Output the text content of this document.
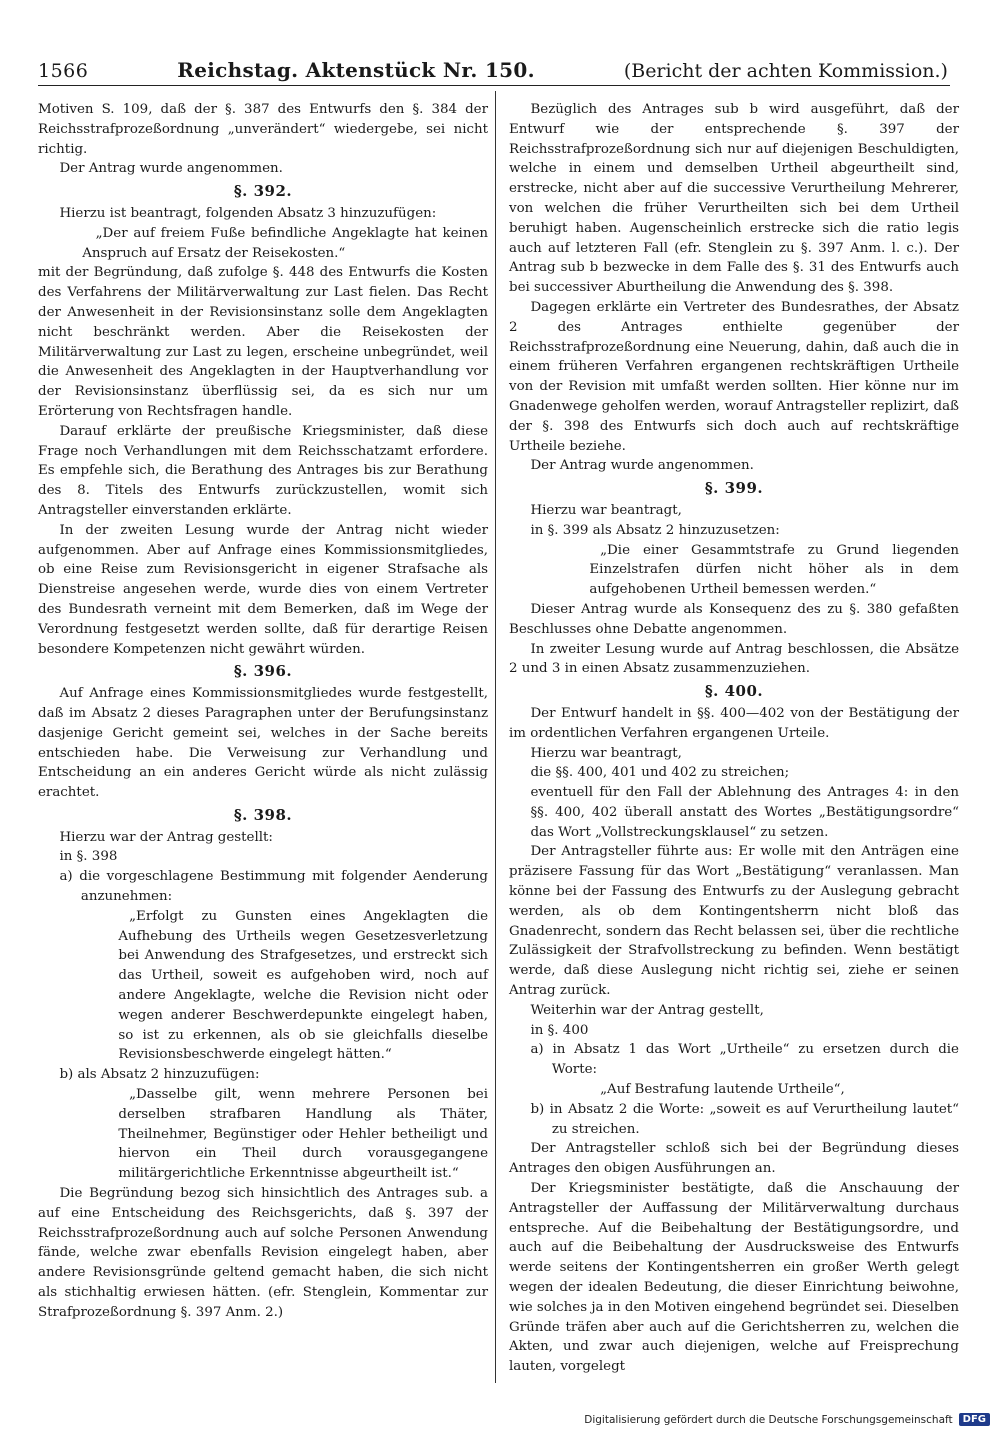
1566	Reichstag. Aktenstück Nr. 150.	(Bericht der achten Kommission.)

Motiven S. 109, daß der §. 387 des Entwurfs den §. 384 der Reichsstrafprozeßordnung „unverändert“ wiedergebe, sei nicht richtig.

Der Antrag wurde angenommen.

§. 392.

Hierzu ist beantragt, folgenden Absatz 3 hinzuzufügen:

„Der auf freiem Fuße befindliche Angeklagte hat keinen Anspruch auf Ersatz der Reisekosten.“

mit der Begründung, daß zufolge §. 448 des Entwurfs die Kosten des Verfahrens der Militärverwaltung zur Last fielen. Das Recht der Anwesenheit in der Revisionsinstanz solle dem Angeklagten nicht beschränkt werden. Aber die Reisekosten der Militärverwaltung zur Last zu legen, erscheine unbegründet, weil die Anwesenheit des Angeklagten in der Hauptverhandlung vor der Revisionsinstanz überflüssig sei, da es sich nur um Erörterung von Rechtsfragen handle.

Darauf erklärte der preußische Kriegsminister, daß diese Frage noch Verhandlungen mit dem Reichsschatzamt erfordere. Es empfehle sich, die Berathung des Antrages bis zur Berathung des 8. Titels des Entwurfs zurückzustellen, womit sich Antragsteller einverstanden erklärte.

In der zweiten Lesung wurde der Antrag nicht wieder aufgenommen. Aber auf Anfrage eines Kommissionsmitgliedes, ob eine Reise zum Revisionsgericht in eigener Strafsache als Dienstreise angesehen werde, wurde dies von einem Vertreter des Bundesrath verneint mit dem Bemerken, daß im Wege der Verordnung festgesetzt werden sollte, daß für derartige Reisen besondere Kompetenzen nicht gewährt würden.

§. 396.

Auf Anfrage eines Kommissionsmitgliedes wurde festgestellt, daß im Absatz 2 dieses Paragraphen unter der Berufungsinstanz dasjenige Gericht gemeint sei, welches in der Sache bereits entschieden habe. Die Verweisung zur Verhandlung und Entscheidung an ein anderes Gericht würde als nicht zulässig erachtet.

§. 398.

Hierzu war der Antrag gestellt:

in §. 398

a) die vorgeschlagene Bestimmung mit folgender Aenderung anzunehmen:

„Erfolgt zu Gunsten eines Angeklagten die Aufhebung des Urtheils wegen Gesetzesverletzung bei Anwendung des Strafgesetzes, und erstreckt sich das Urtheil, soweit es aufgehoben wird, noch auf andere Angeklagte, welche die Revision nicht oder wegen anderer Beschwerdepunkte eingelegt haben, so ist zu erkennen, als ob sie gleichfalls dieselbe Revisionsbeschwerde eingelegt hätten.“

b) als Absatz 2 hinzuzufügen:

„Dasselbe gilt, wenn mehrere Personen bei derselben strafbaren Handlung als Thäter, Theilnehmer, Begünstiger oder Hehler betheiligt und hiervon ein Theil durch vorausgegangene militärgerichtliche Erkenntnisse abgeurtheilt ist.“

Die Begründung bezog sich hinsichtlich des Antrages sub. a auf eine Entscheidung des Reichsgerichts, daß §. 397 der Reichsstrafprozeßordnung auch auf solche Personen Anwendung fände, welche zwar ebenfalls Revision eingelegt haben, aber andere Revisionsgründe geltend gemacht haben, die sich nicht als stichhaltig erwiesen hätten. (efr. Stenglein, Kommentar zur Strafprozeßordnung §. 397 Anm. 2.)

Bezüglich des Antrages sub b wird ausgeführt, daß der Entwurf wie der entsprechende §. 397 der Reichsstrafprozeßordnung sich nur auf diejenigen Beschuldigten, welche in einem und demselben Urtheil abgeurtheilt sind, erstrecke, nicht aber auf die successive Verurtheilung Mehrerer, von welchen die früher Verurtheilten sich bei dem Urtheil beruhigt haben. Augenscheinlich erstrecke sich die ratio legis auch auf letzteren Fall (efr. Stenglein zu §. 397 Anm. l. c.). Der Antrag sub b bezwecke in dem Falle des §. 31 des Entwurfs auch bei successiver Aburtheilung die Anwendung des §. 398.

Dagegen erklärte ein Vertreter des Bundesrathes, der Absatz 2 des Antrages enthielte gegenüber der Reichsstrafprozeßordnung eine Neuerung, dahin, daß auch die in einem früheren Verfahren ergangenen rechtskräftigen Urtheile von der Revision mit umfaßt werden sollten. Hier könne nur im Gnadenwege geholfen werden, worauf Antragsteller replizirt, daß der §. 398 des Entwurfs sich doch auch auf rechtskräftige Urtheile beziehe.

Der Antrag wurde angenommen.

§. 399.

Hierzu war beantragt,

in §. 399 als Absatz 2 hinzuzusetzen:

„Die einer Gesammtstrafe zu Grund liegenden Einzelstrafen dürfen nicht höher als in dem aufgehobenen Urtheil bemessen werden.“

Dieser Antrag wurde als Konsequenz des zu §. 380 gefaßten Beschlusses ohne Debatte angenommen.

In zweiter Lesung wurde auf Antrag beschlossen, die Absätze 2 und 3 in einen Absatz zusammenzuziehen.

§. 400.

Der Entwurf handelt in §§. 400—402 von der Bestätigung der im ordentlichen Verfahren ergangenen Urteile.

Hierzu war beantragt,

die §§. 400, 401 und 402 zu streichen;

eventuell für den Fall der Ablehnung des Antrages 4: in den §§. 400, 402 überall anstatt des Wortes „Bestätigungsordre“ das Wort „Vollstreckungsklausel“ zu setzen.

Der Antragsteller führte aus: Er wolle mit den Anträgen eine präzisere Fassung für das Wort „Bestätigung“ veranlassen. Man könne bei der Fassung des Entwurfs zu der Auslegung gebracht werden, als ob dem Kontingentsherrn nicht bloß das Gnadenrecht, sondern das Recht belassen sei, über die rechtliche Zulässigkeit der Strafvollstreckung zu befinden. Wenn bestätigt werde, daß diese Auslegung nicht richtig sei, ziehe er seinen Antrag zurück.

Weiterhin war der Antrag gestellt,

in §. 400

a) in Absatz 1 das Wort „Urtheile“ zu ersetzen durch die Worte:

„Auf Bestrafung lautende Urtheile“,

b) in Absatz 2 die Worte: „soweit es auf Verurtheilung lautet“ zu streichen.

Der Antragsteller schloß sich bei der Begründung dieses Antrages den obigen Ausführungen an.

Der Kriegsminister bestätigte, daß die Anschauung der Antragsteller der Auffassung der Militärverwaltung durchaus entspreche. Auf die Beibehaltung der Bestätigungsordre, und auch auf die Beibehaltung der Ausdrucksweise des Entwurfs werde seitens der Kontingentsherren ein großer Werth gelegt wegen der idealen Bedeutung, die dieser Einrichtung beiwohne, wie solches ja in den Motiven eingehend begründet sei. Dieselben Gründe träfen aber auch auf die Gerichtsherren zu, welchen die Akten, und zwar auch diejenigen, welche auf Freisprechung lauten, vorgelegt

Digitalisierung gefördert durch die Deutsche Forschungsgemeinschaft	DFG
